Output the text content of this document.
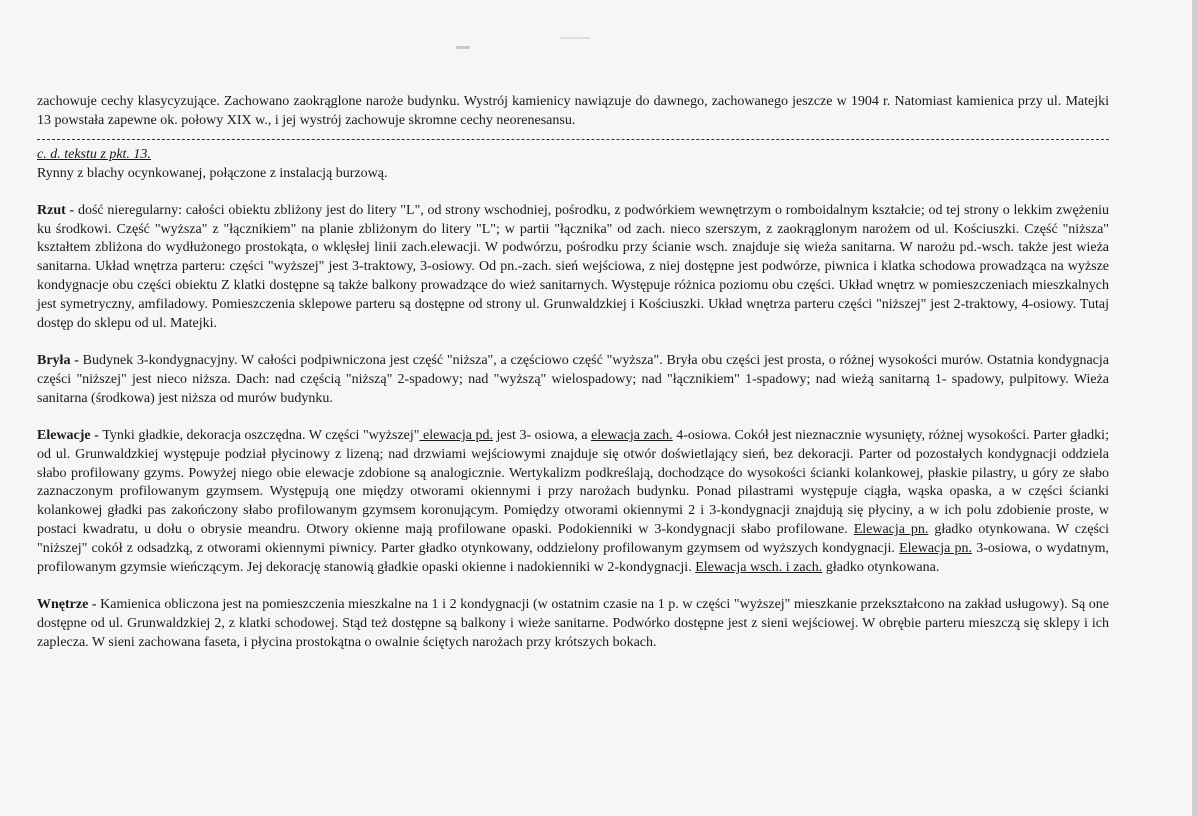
zachowuje cechy klasycyzujące. Zachowano zaokrąglone naroże budynku. Wystrój kamienicy nawiązuje do dawnego, zachowanego jeszcze w 1904 r. Natomiast kamienica przy ul. Matejki 13 powstała zapewne ok. połowy XIX w., i jej wystrój zachowuje skromne cechy neorenesansu.

c. d. tekstu z pkt. 13.

Rynny z blachy ocynkowanej, połączone z instalacją burzową.

Rzut - dość nieregularny: całości obiektu zbliżony jest do litery "L", od strony wschodniej, pośrodku, z podwórkiem wewnętrzym o romboidalnym kształcie; od tej strony o lekkim zwężeniu ku środkowi. Część "wyższa" z "łącznikiem" na planie zbliżonym do litery "L"; w partii "łącznika" od zach. nieco szerszym, z zaokrąglonym narożem od ul. Kościuszki. Część "niższa" kształtem zbliżona do wydłużonego prostokąta, o wklęsłej linii zach.elewacji. W podwórzu, pośrodku przy ścianie wsch. znajduje się wieża sanitarna. W narożu pd.-wsch. także jest wieża sanitarna. Układ wnętrza parteru: części "wyższej" jest 3-traktowy, 3-osiowy. Od pn.-zach. sień wejściowa, z niej dostępne jest podwórze, piwnica i klatka schodowa prowadząca na wyższe kondygnacje obu części obiektu Z klatki dostępne są także balkony prowadzące do wież sanitarnych. Występuje różnica poziomu obu części. Układ wnętrz w pomieszczeniach mieszkalnych jest symetryczny, amfiladowy. Pomieszczenia sklepowe parteru są dostępne od strony ul. Grunwaldzkiej i Kościuszki. Układ wnętrza parteru części "niższej" jest 2-traktowy, 4-osiowy. Tutaj dostęp do sklepu od ul. Matejki.

Bryła - Budynek 3-kondygnacyjny. W całości podpiwniczona jest część "niższa", a częściowo część "wyższa". Bryła obu części jest prosta, o różnej wysokości murów. Ostatnia kondygnacja części "niższej" jest nieco niższa. Dach: nad częścią "niższą" 2-spadowy; nad "wyższą" wielospadowy; nad "łącznikiem" 1-spadowy; nad wieżą sanitarną 1- spadowy, pulpitowy. Wieża sanitarna (środkowa) jest niższa od murów budynku.

Elewacje - Tynki gładkie, dekoracja oszczędna. W części "wyższej" elewacja pd. jest 3- osiowa, a elewacja zach. 4-osiowa. Cokół jest nieznacznie wysunięty, różnej wysokości. Parter gładki; od ul. Grunwaldzkiej występuje podział płycinowy z lizeną; nad drzwiami wejściowymi znajduje się otwór doświetlający sień, bez dekoracji. Parter od pozostałych kondygnacji oddziela słabo profilowany gzyms. Powyżej niego obie elewacje zdobione są analogicznie. Wertykalizm podkreślają, dochodzące do wysokości ścianki kolankowej, płaskie pilastry, u góry ze słabo zaznaczonym profilowanym gzymsem. Występują one między otworami okiennymi i przy narożach budynku. Ponad pilastrami występuje ciągła, wąska opaska, a w części ścianki kolankowej gładki pas zakończony słabo profilowanym gzymsem koronującym. Pomiędzy otworami okiennymi 2 i 3-kondygnacji znajdują się płyciny, a w ich polu zdobienie proste, w postaci kwadratu, u dołu o obrysie meandru. Otwory okienne mają profilowane opaski. Podokienniki w 3-kondygnacji słabo profilowane. Elewacja pn. gładko otynkowana. W części "niższej" cokół z odsadzką, z otworami okiennymi piwnicy. Parter gładko otynkowany, oddzielony profilowanym gzymsem od wyższych kondygnacji. Elewacja pn. 3-osiowa, o wydatnym, profilowanym gzymsie wieńczącym. Jej dekorację stanowią gładkie opaski okienne i nadokienniki w 2-kondygnacji. Elewacja wsch. i zach. gładko otynkowana.

Wnętrze - Kamienica obliczona jest na pomieszczenia mieszkalne na 1 i 2 kondygnacji (w ostatnim czasie na 1 p. w części "wyższej" mieszkanie przekształcono na zakład usługowy). Są one dostępne od ul. Grunwaldzkiej 2, z klatki schodowej. Stąd też dostępne są balkony i wieże sanitarne. Podwórko dostępne jest z sieni wejściowej. W obrębie parteru mieszczą się sklepy i ich zaplecza. W sieni zachowana faseta, i płycina prostokątna o owalnie ściętych narożach przy krótszych bokach.
